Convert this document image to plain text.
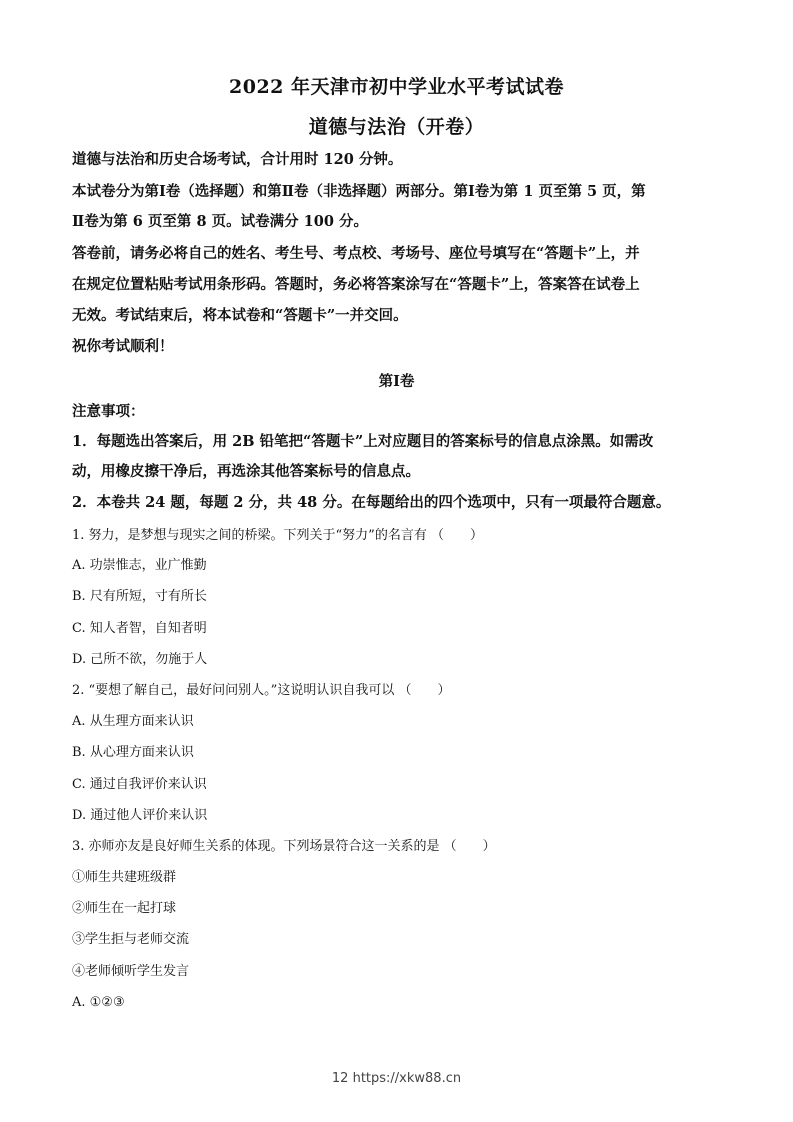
2022 年天津市初中学业水平考试试卷
道德与法治（开卷）
道德与法治和历史合场考试，合计用时 120 分钟。
本试卷分为第Ⅰ卷（选择题）和第Ⅱ卷（非选择题）两部分。第Ⅰ卷为第 1 页至第 5 页，第
Ⅱ卷为第 6 页至第 8 页。试卷满分 100 分。
答卷前，请务必将自己的姓名、考生号、考点校、考场号、座位号填写在“答题卡”上，并
在规定位置粘贴考试用条形码。答题时，务必将答案涂写在“答题卡”上，答案答在试卷上
无效。考试结束后，将本试卷和“答题卡”一并交回。
祝你考试顺利！
第Ⅰ卷
注意事项：
1．每题选出答案后，用 2B 铅笔把“答题卡”上对应题目的答案标号的信息点涂黑。如需改
动，用橡皮擦干净后，再选涂其他答案标号的信息点。
2．本卷共 24 题，每题 2 分，共 48 分。在每题给出的四个选项中，只有一项最符合题意。
1. 努力，是梦想与现实之间的桥梁。下列关于“努力”的名言有 （　　）
A. 功崇惟志，业广惟勤
B. 尺有所短，寸有所长
C. 知人者智，自知者明
D. 己所不欲，勿施于人
2. “要想了解自己，最好问问别人。”这说明认识自我可以 （　　）
A. 从生理方面来认识
B. 从心理方面来认识
C. 通过自我评价来认识
D. 通过他人评价来认识
3. 亦师亦友是良好师生关系的体现。下列场景符合这一关系的是 （　　）
①师生共建班级群
②师生在一起打球
③学生拒与老师交流
④老师倾听学生发言
A. ①②③
12 https://xkw88.cn
